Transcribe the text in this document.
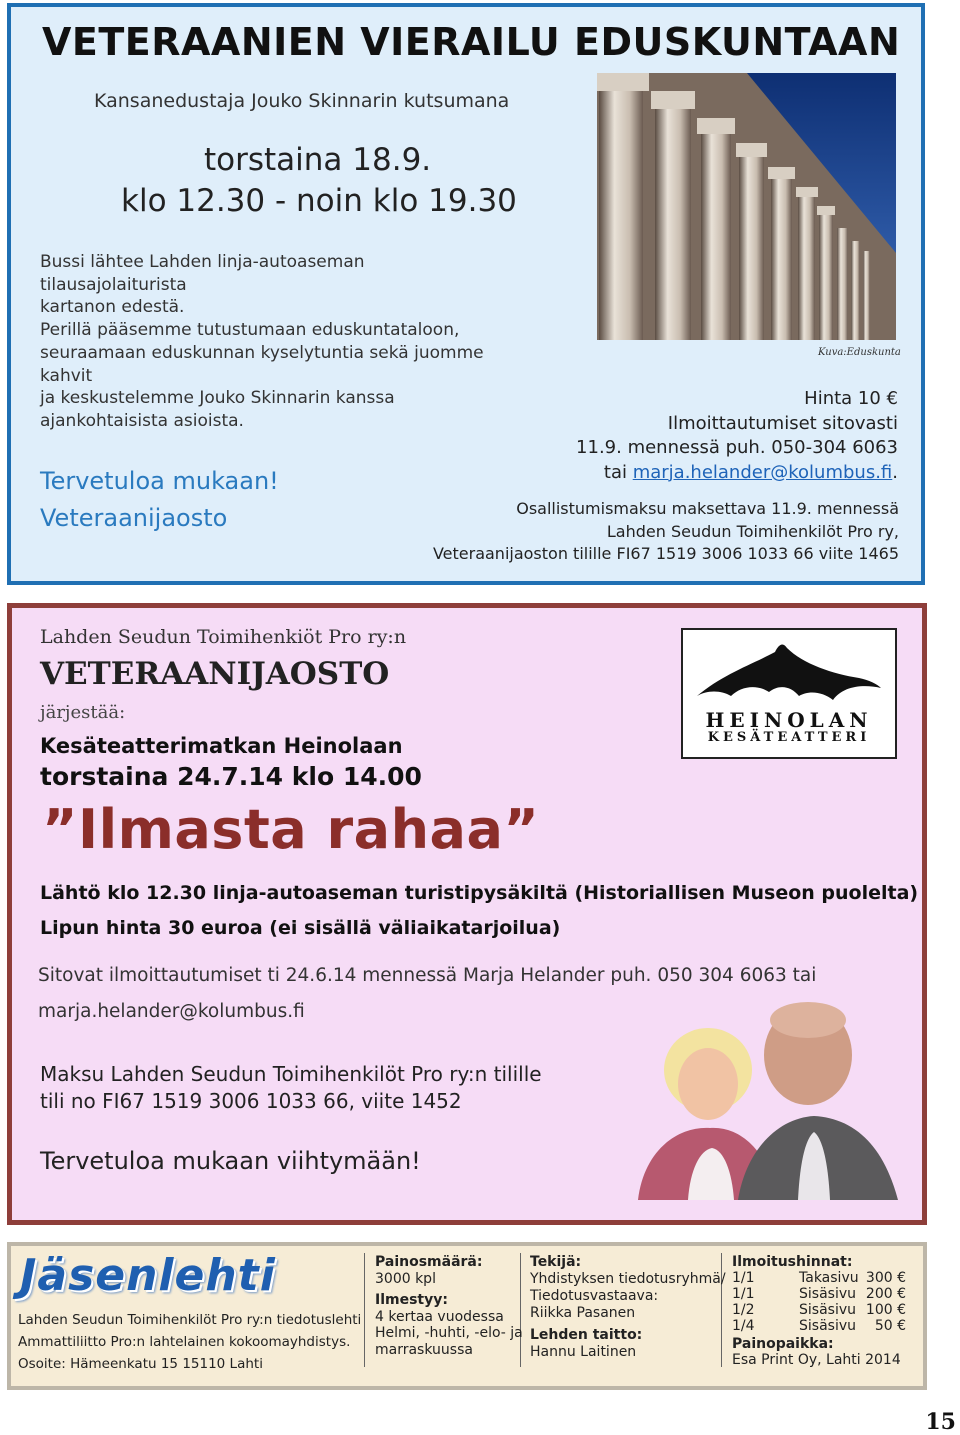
VETERAANIEN VIERAILU EDUSKUNTAAN
Kansanedustaja Jouko Skinnarin kutsumana
torstaina 18.9.
klo 12.30 - noin klo 19.30
Bussi lähtee Lahden linja-autoaseman
tilausajolaiturista
kartanon edestä.
Perillä pääsemme tutustumaan eduskuntataloon,
seuraamaan eduskunnan kyselytuntia sekä juomme
kahvit
ja keskustelemme Jouko Skinnarin kanssa
ajankohtaisista asioista.
Tervetuloa mukaan!
Veteraanijaosto
Kuva:Eduskunta
Hinta 10 €
Ilmoittautumiset sitovasti
11.9. mennessä puh. 050-304 6063
tai marja.helander@kolumbus.fi.
Osallistumismaksu maksettava 11.9. mennessä
Lahden Seudun Toimihenkilöt Pro ry,
Veteraanijaoston tilille FI67 1519 3006 1033 66 viite 1465
Lahden Seudun Toimihenkiöt Pro ry:n
VETERAANIJAOSTO
järjestää:
Kesäteatterimatkan Heinolaan
torstaina 24.7.14 klo 14.00
”Ilmasta rahaa”
HEINOLAN
KESÄTEATTERI
Lähtö klo 12.30 linja-autoaseman turistipysäkiltä (Historiallisen Museon puolelta)
Lipun hinta 30 euroa (ei sisällä väliaikatarjoilua)
Sitovat ilmoittautumiset ti 24.6.14 mennessä Marja Helander puh. 050 304 6063 tai
marja.helander@kolumbus.fi
Maksu Lahden Seudun Toimihenkilöt Pro ry:n tilille
tili no FI67 1519 3006 1033 66, viite 1452
Tervetuloa mukaan viihtymään!
Jäsenlehti
Lahden Seudun Toimihenkilöt Pro ry:n tiedotuslehti
Ammattiliitto Pro:n lahtelainen kokoomayhdistys.
Osoite: Hämeenkatu 15 15110 Lahti
Painosmäärä:
3000 kpl
Ilmestyy:
4 kertaa vuodessa
Helmi, -huhti, -elo- ja
marraskuussa
Tekijä:
Yhdistyksen tiedotusryhmä/
Tiedotusvastaava:
Riikka Pasanen
Lehden taitto:
Hannu Laitinen
Ilmoitushinnat:
1/1	Takasivu 300 €
1/1	Sisäsivu 200 €
1/2	Sisäsivu 100 €
1/4	Sisäsivu 50 €
Painopaikka:
Esa Print Oy, Lahti 2014
15
